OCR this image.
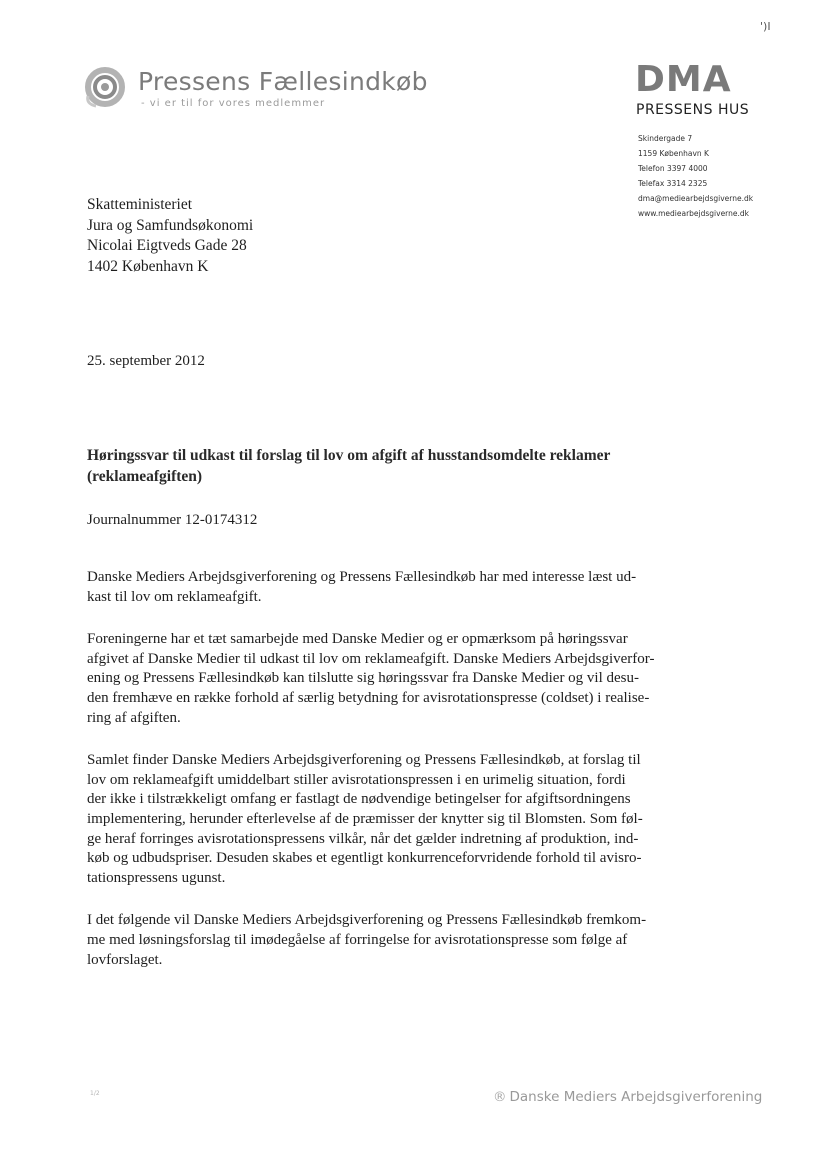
')I
Pressens Fællesindkøb
- vi er til for vores medlemmer
DMA
PRESSENS HUS
Skindergade 7
1159 København K
Telefon 3397 4000
Telefax 3314 2325
dma@mediearbejdsgiverne.dk
www.mediearbejdsgiverne.dk
Skatteministeriet
Jura og Samfundsøkonomi
Nicolai Eigtveds Gade 28
1402 København K
25. september 2012
Høringssvar til udkast til forslag til lov om afgift af husstandsomdelte reklamer (reklameafgiften)
Journalnummer 12-0174312

Danske Mediers Arbejdsgiverforening og Pressens Fællesindkøb har med interesse læst ud-
kast til lov om reklameafgift.

Foreningerne har et tæt samarbejde med Danske Medier og er opmærksom på høringssvar
afgivet af Danske Medier til udkast til lov om reklameafgift. Danske Mediers Arbejdsgiverfor-
ening og Pressens Fællesindkøb kan tilslutte sig høringssvar fra Danske Medier og vil desu-
den fremhæve en række forhold af særlig betydning for avisrotationspresse (coldset) i realise-
ring af afgiften.

Samlet finder Danske Mediers Arbejdsgiverforening og Pressens Fællesindkøb, at forslag til
lov om reklameafgift umiddelbart stiller avisrotationspressen i en urimelig situation, fordi
der ikke i tilstrækkeligt omfang er fastlagt de nødvendige betingelser for afgiftsordningens
implementering, herunder efterlevelse af de præmisser der knytter sig til Blomsten. Som føl-
ge heraf forringes avisrotationspressens vilkår, når det gælder indretning af produktion, ind-
køb og udbudspriser. Desuden skabes et egentligt konkurrenceforvridende forhold til avisro-
tationspressens ugunst.

I det følgende vil Danske Mediers Arbejdsgiverforening og Pressens Fællesindkøb fremkom-
me med løsningsforslag til imødegåelse af forringelse for avisrotationspresse som følge af
lovforslaget.

1/2	® Danske Mediers Arbejdsgiverforening
